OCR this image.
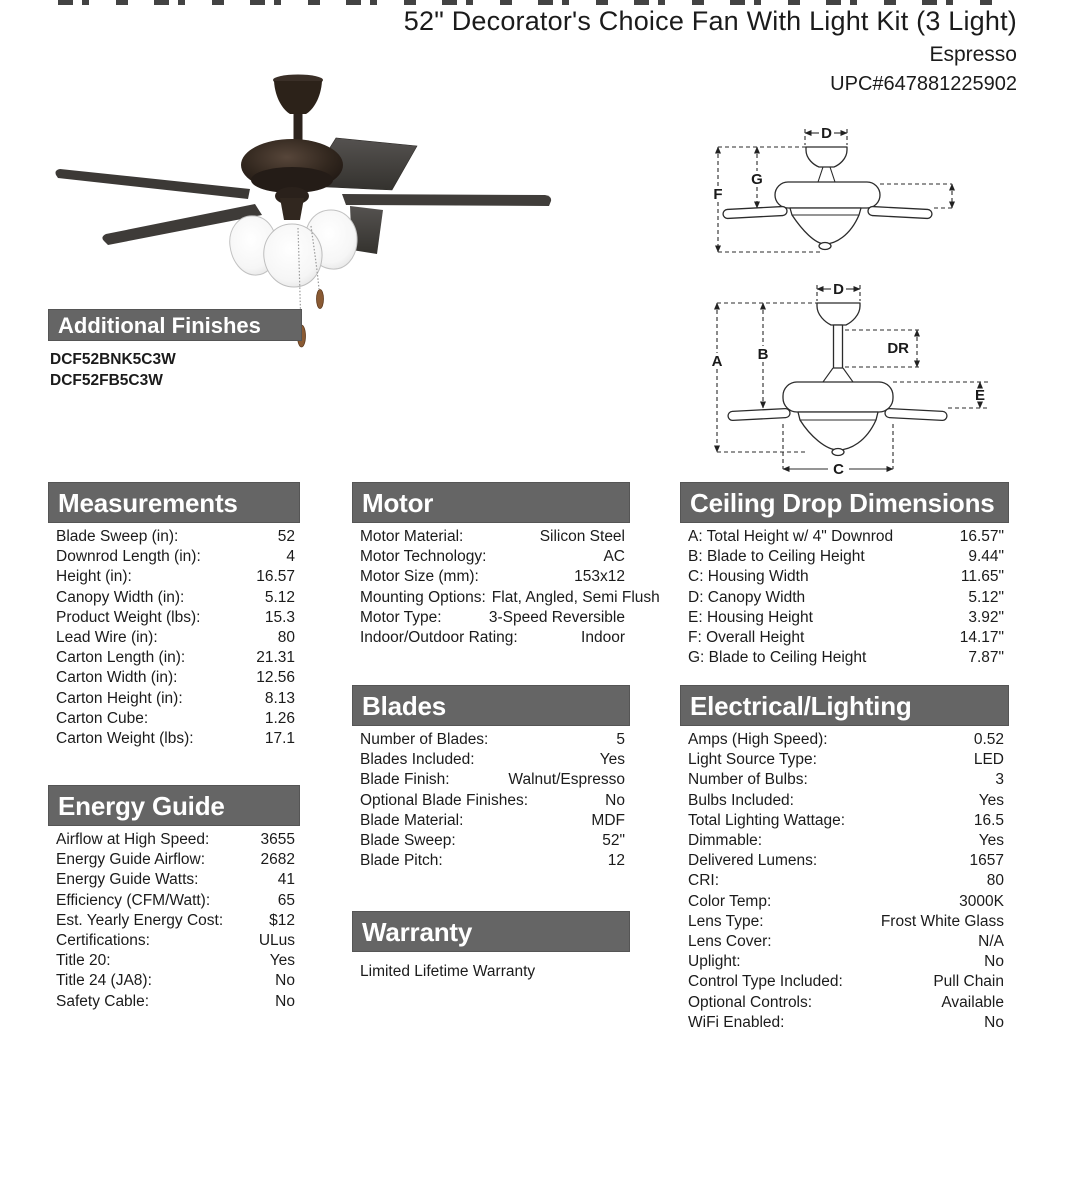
52" Decorator's Choice Fan With Light Kit (3 Light)
Espresso
UPC#647881225902
D
F
G
D
A B	DR
E
C
Additional Finishes
DCF52BNK5C3W
DCF52FB5C3W
Measurements
Blade Sweep (in):	52
Downrod Length (in):	4
Height (in):	16.57
Canopy Width (in):	5.12
Product Weight (lbs):	15.3
Lead Wire (in):	80
Carton Length (in):	21.31
Carton Width (in):	12.56
Carton Height (in):	8.13
Carton Cube:	1.26
Carton Weight (lbs):	17.1
Energy Guide
Airflow at High Speed:	3655
Energy Guide Airflow:	2682
Energy Guide Watts:	41
Efficiency (CFM/Watt):	65
Est. Yearly Energy Cost:	$12
Certifications:	ULus
Title 20:	Yes
Title 24 (JA8):	No
Safety Cable:	No
Motor
Motor Material:	Silicon Steel
Motor Technology:	AC
Motor Size (mm):	153x12
Mounting Options: Flat, Angled, Semi Flush
Motor Type:	3-Speed Reversible
Indoor/Outdoor Rating:	Indoor
Blades
Number of Blades:	5
Blades Included:	Yes
Blade Finish:	Walnut/Espresso
Optional Blade Finishes:	No
Blade Material:	MDF
Blade Sweep:	52"
Blade Pitch:	12
Warranty
Limited Lifetime Warranty
Ceiling Drop Dimensions
A: Total Height w/ 4" Downrod	16.57"
B: Blade to Ceiling Height	9.44"
C: Housing Width	11.65"
D: Canopy Width	5.12"
E: Housing Height	3.92"
F: Overall Height	14.17"
G: Blade to Ceiling Height	7.87"
Electrical/Lighting
Amps (High Speed):	0.52
Light Source Type:	LED
Number of Bulbs:	3
Bulbs Included:	Yes
Total Lighting Wattage:	16.5
Dimmable:	Yes
Delivered Lumens:	1657
CRI:	80
Color Temp:	3000K
Lens Type:	Frost White Glass
Lens Cover:	N/A
Uplight:	No
Control Type Included:	Pull Chain
Optional Controls:	Available
WiFi Enabled:	No
